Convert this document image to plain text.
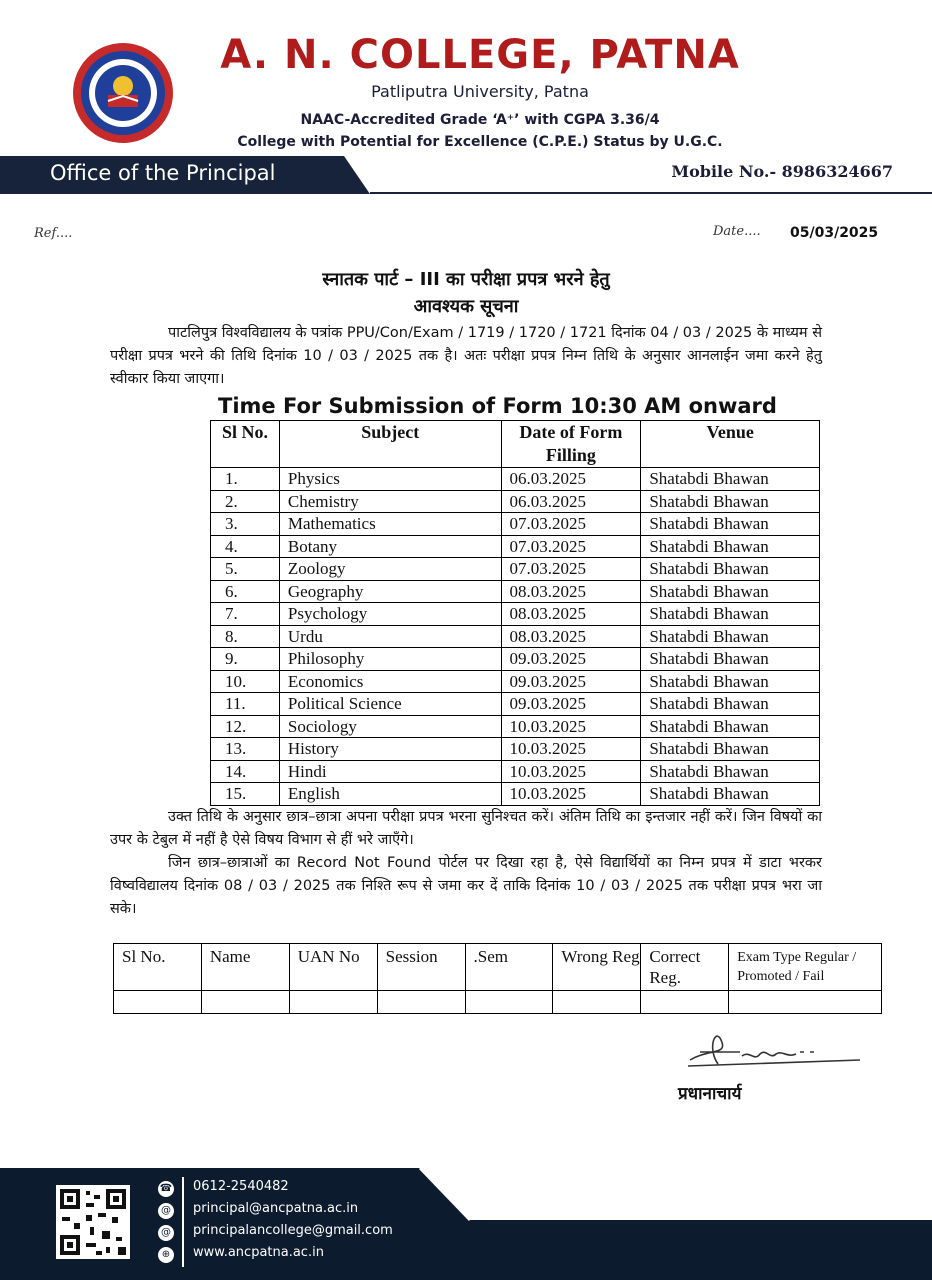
A. N. COLLEGE, PATNA
Patliputra University, Patna
NAAC-Accredited Grade ‘A⁺’ with CGPA 3.36/4
College with Potential for Excellence (C.P.E.) Status by U.G.C.
Office of the Principal	Mobile No.- 8986324667
Ref....	Date.... 05/03/2025
स्नातक पार्ट – III का परीक्षा प्रपत्र भरने हेतु
आवश्यक सूचना
पाटलिपुत्र विश्वविद्यालय के पत्रांक PPU/Con/Exam / 1719 / 1720 / 1721 दिनांक 04 / 03 / 2025 के माध्यम से परीक्षा प्रपत्र भरने की तिथि दिनांक 10 / 03 / 2025 तक है। अतः परीक्षा प्रपत्र निम्न तिथि के अनुसार आनलाईन जमा करने हेतु स्वीकार किया जाएगा।
Time For Submission of Form 10:30 AM onward
Sl No.	Subject	Date of Form Filling	Venue
1.	Physics	06.03.2025	Shatabdi Bhawan
2.	Chemistry	06.03.2025	Shatabdi Bhawan
3.	Mathematics	07.03.2025	Shatabdi Bhawan
4.	Botany	07.03.2025	Shatabdi Bhawan
5.	Zoology	07.03.2025	Shatabdi Bhawan
6.	Geography	08.03.2025	Shatabdi Bhawan
7.	Psychology	08.03.2025	Shatabdi Bhawan
8.	Urdu	08.03.2025	Shatabdi Bhawan
9.	Philosophy	09.03.2025	Shatabdi Bhawan
10.	Economics	09.03.2025	Shatabdi Bhawan
11.	Political Science	09.03.2025	Shatabdi Bhawan
12.	Sociology	10.03.2025	Shatabdi Bhawan
13.	History	10.03.2025	Shatabdi Bhawan
14.	Hindi	10.03.2025	Shatabdi Bhawan
15.	English	10.03.2025	Shatabdi Bhawan
उक्त तिथि के अनुसार छात्र–छात्रा अपना परीक्षा प्रपत्र भरना सुनिश्चत करें। अंतिम तिथि का इन्तजार नहीं करें। जिन विषयों का उपर के टेबुल में नहीं है ऐसे विषय विभाग से हीं भरे जाएँगे।
जिन छात्र–छात्राओं का Record Not Found पोर्टल पर दिखा रहा है, ऐसे विद्यार्थियों का निम्न प्रपत्र में डाटा भरकर विष्वविद्यालय दिनांक 08 / 03 / 2025 तक निश्ति रूप से जमा कर दें ताकि दिनांक 10 / 03 / 2025 तक परीक्षा प्रपत्र भरा जा सके।
Sl No.	Name	UAN No	Session	.Sem	Wrong Reg	Correct Reg.	Exam Type Regular / Promoted / Fail

प्रधानाचार्य
☎ 0612-2540482
@ principal@ancpatna.ac.in
@ principalancollege@gmail.com
⊕ www.ancpatna.ac.in
